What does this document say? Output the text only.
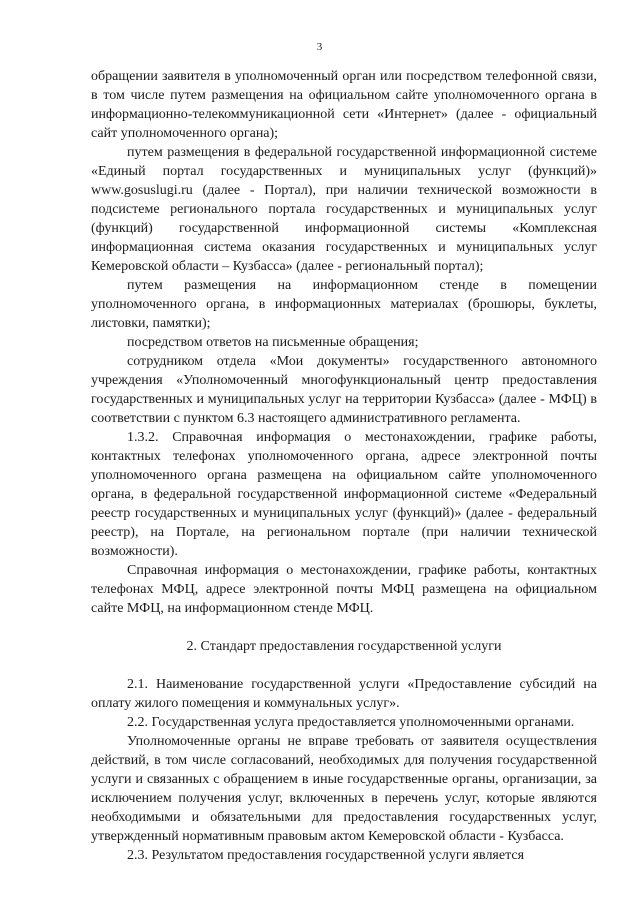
3

обращении заявителя в уполномоченный орган или посредством телефонной связи, в том числе путем размещения на официальном сайте уполномоченного органа в информационно-телекоммуникационной сети «Интернет» (далее - официальный сайт уполномоченного органа);

путем размещения в федеральной государственной информационной системе «Единый портал государственных и муниципальных услуг (функций)» www.gosuslugi.ru (далее - Портал), при наличии технической возможности в подсистеме регионального портала государственных и муниципальных услуг (функций) государственной информационной системы «Комплексная информационная система оказания государственных и муниципальных услуг Кемеровской области – Кузбасса» (далее - региональный портал);

путем размещения на информационном стенде в помещении уполномоченного органа, в информационных материалах (брошюры, буклеты, листовки, памятки);

посредством ответов на письменные обращения;

сотрудником отдела «Мои документы» государственного автономного учреждения «Уполномоченный многофункциональный центр предоставления государственных и муниципальных услуг на территории Кузбасса» (далее - МФЦ) в соответствии с пунктом 6.3 настоящего административного регламента.

1.3.2. Справочная информация о местонахождении, графике работы, контактных телефонах уполномоченного органа, адресе электронной почты уполномоченного органа размещена на официальном сайте уполномоченного органа, в федеральной государственной информационной системе «Федеральный реестр государственных и муниципальных услуг (функций)» (далее - федеральный реестр), на Портале, на региональном портале (при наличии технической возможности).

Справочная информация о местонахождении, графике работы, контактных телефонах МФЦ, адресе электронной почты МФЦ размещена на официальном сайте МФЦ, на информационном стенде МФЦ.

2. Стандарт предоставления государственной услуги

2.1. Наименование государственной услуги «Предоставление субсидий на оплату жилого помещения и коммунальных услуг».

2.2. Государственная услуга предоставляется уполномоченными органами.

Уполномоченные органы не вправе требовать от заявителя осуществления действий, в том числе согласований, необходимых для получения государственной услуги и связанных с обращением в иные государственные органы, организации, за исключением получения услуг, включенных в перечень услуг, которые являются необходимыми и обязательными для предоставления государственных услуг, утвержденный нормативным правовым актом Кемеровской области - Кузбасса.

2.3. Результатом предоставления государственной услуги является
